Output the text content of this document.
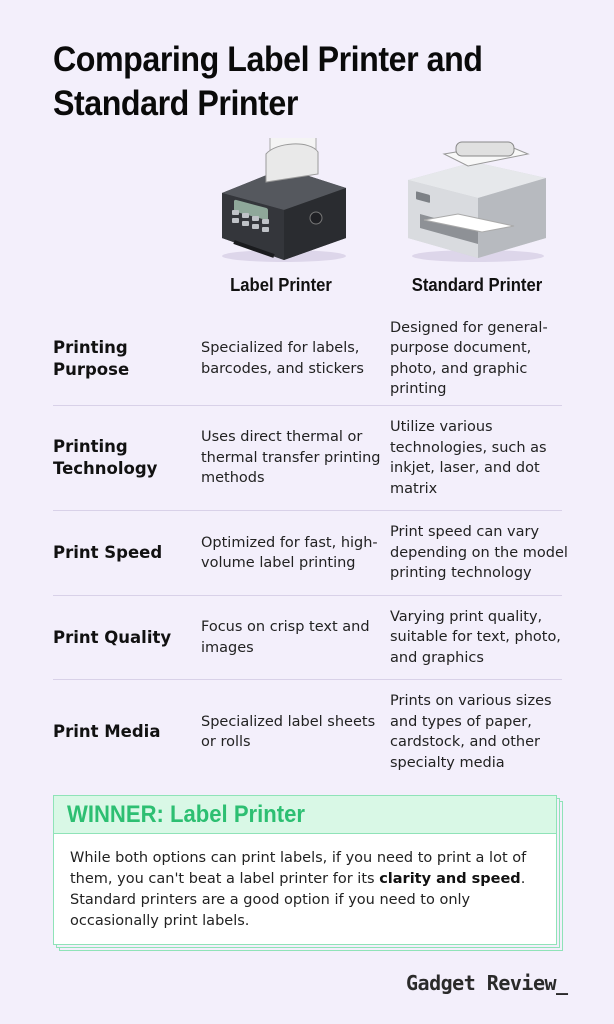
Comparing Label Printer and Standard Printer
Label Printer	Standard Printer
Printing Purpose
Specialized for labels, barcodes, and stickers
Designed for general-purpose document, photo, and graphic printing
Printing Technology
Uses direct thermal or thermal transfer printing methods
Utilize various technologies, such as inkjet, laser, and dot matrix
Print Speed
Optimized for fast, high-volume label printing
Print speed can vary depending on the model printing technology
Print Quality
Focus on crisp text and images
Varying print quality, suitable for text, photo, and graphics
Print Media
Specialized label sheets or rolls
Prints on various sizes and types of paper, cardstock, and other specialty media
WINNER: Label Printer
While both options can print labels, if you need to print a lot of them, you can't beat a label printer for its clarity and speed. Standard printers are a good option if you need to only occasionally print labels.
Gadget Review_
